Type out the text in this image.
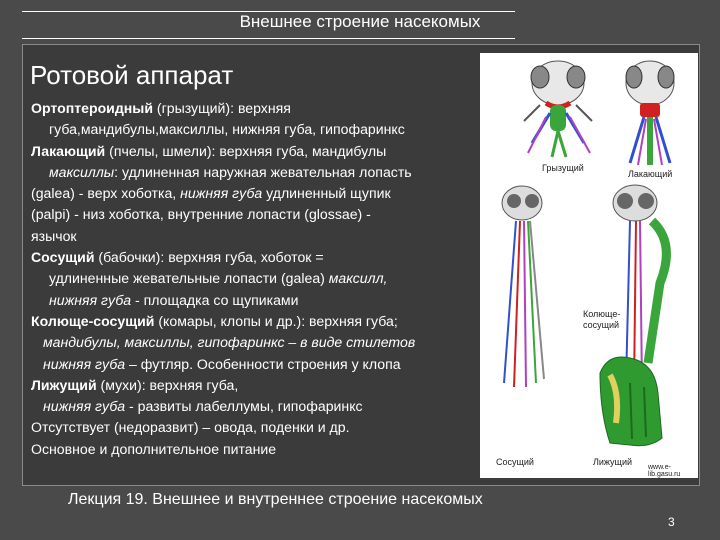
Внешнее строение насекомых
Ротовой аппарат
Ортоптероидный (грызущий): верхняя
губа,мандибулы,максиллы, нижняя губа, гипофаринкс
Лакающий (пчелы, шмели): верхняя губа, мандибулы
максиллы: удлиненная наружная жевательная лопасть
(galea) - верх хоботка, нижняя губа удлиненный щупик
(palpi) - низ хоботка, внутренние лопасти (glossae) -
язычок
Сосущий (бабочки): верхняя губа, хоботок =
удлиненные жевательные лопасти (galea) максилл,
нижняя губа - площадка со щупиками
Колюще-сосущий (комары, клопы и др.): верхняя губа;
мандибулы, максиллы, гипофаринкс – в виде стилетов
нижняя губа – футляр. Особенности строения у клопа
Лижущий (мухи): верхняя губа,
нижняя губа - развиты лабеллумы, гипофаринкс
Отсутствует (недоразвит) – овода, поденки и др.
Основное и дополнительное питание
Грызущий
Лакающий
Колюще-
сосущий
Сосущий	Лижущий
www.e-lib.gasu.ru
Лекция 19. Внешнее и внутреннее строение насекомых
3
